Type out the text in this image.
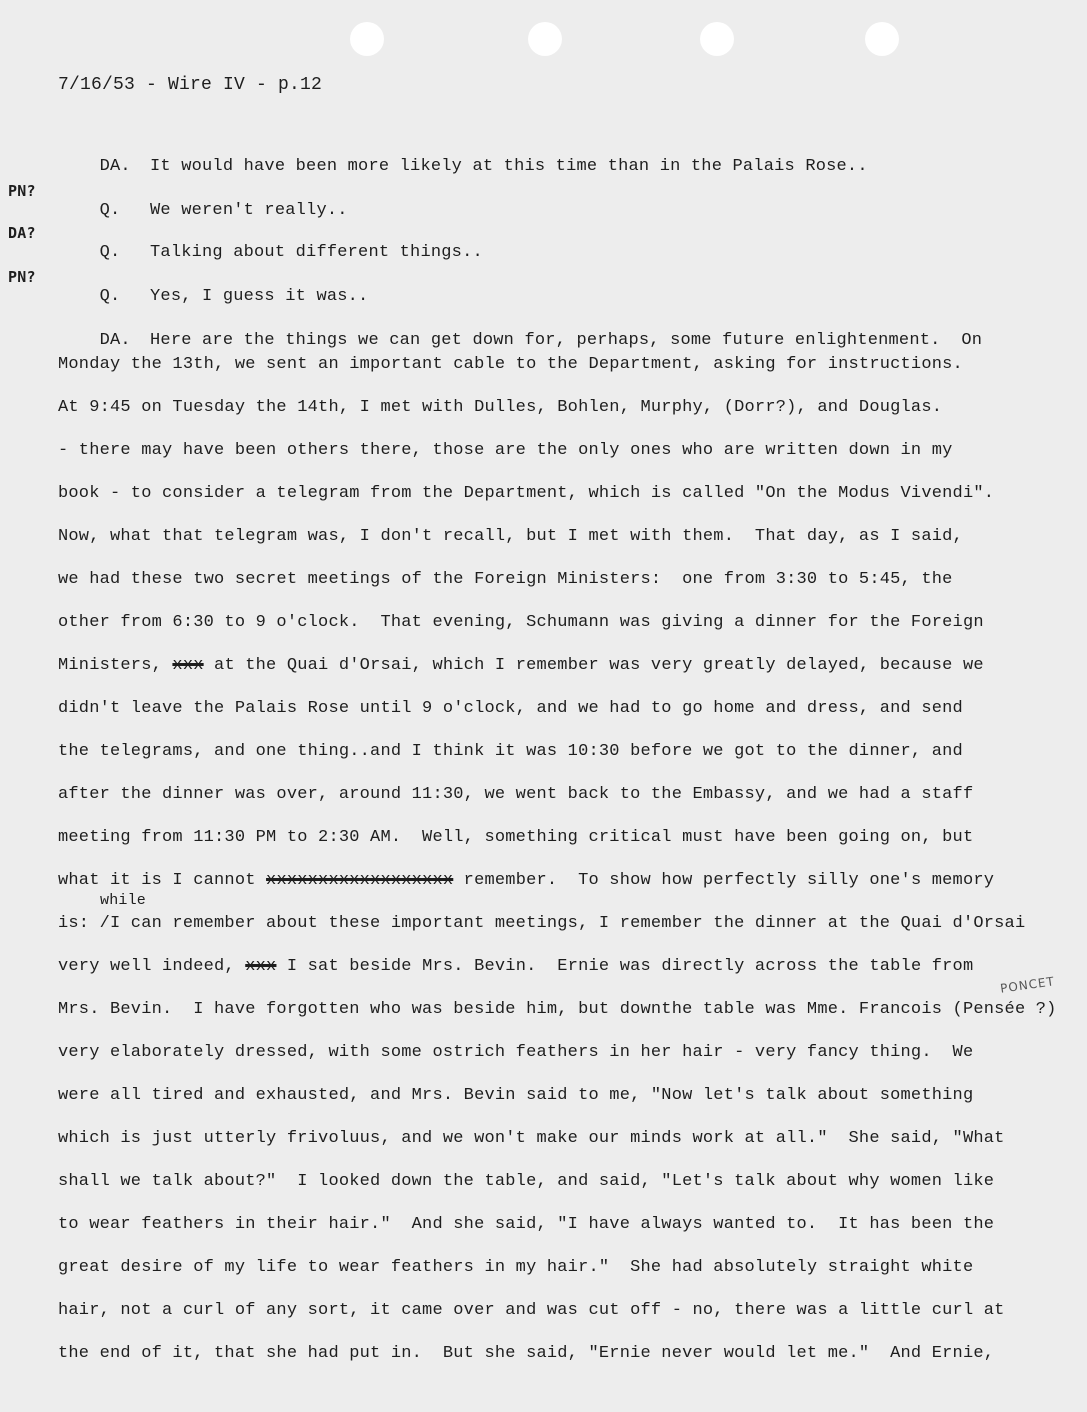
7/16/53 - Wire IV - p.12
PN?
DA?
PN?

DA. It would have been more likely at this time than in the Palais Rose..

Q. We weren't really..

Q. Talking about different things..

Q. Yes, I guess it was..

DA. Here are the things we can get down for, perhaps, some future enlightenment.  On

Monday the 13th, we sent an important cable to the Department, asking for instructions.
At 9:45 on Tuesday the 14th, I met with Dulles, Bohlen, Murphy, (Dorr?), and Douglas.
- there may have been others there, those are the only ones who are written down in my
book - to consider a telegram from the Department, which is called "On the Modus Vivendi".
Now, what that telegram was, I don't recall, but I met with them.  That day, as I said,
we had these two secret meetings of the Foreign Ministers:  one from 3:30 to 5:45, the
other from 6:30 to 9 o'clock.  That evening, Schumann was giving a dinner for the Foreign
Ministers, xxx at the Quai d'Orsai, which I remember was very greatly delayed, because we
didn't leave the Palais Rose until 9 o'clock, and we had to go home and dress, and send
the telegrams, and one thing..and I think it was 10:30 before we got to the dinner, and
after the dinner was over, around 11:30, we went back to the Embassy, and we had a staff
meeting from 11:30 PM to 2:30 AM.  Well, something critical must have been going on, but
what it is I cannot xxxxxxxxxxxxxxxxxx remember.  To show how perfectly silly one's memory
while
is: /I can remember about these important meetings, I remember the dinner at the Quai d'Orsai
very well indeed, xxx I sat beside Mrs. Bevin.  Ernie was directly across the table from
PONCET
Mrs. Bevin.  I have forgotten who was beside him, but downthe table was Mme. Francois (Pensée ?)
very elaborately dressed, with some ostrich feathers in her hair - very fancy thing.  We
were all tired and exhausted, and Mrs. Bevin said to me, "Now let's talk about something
which is just utterly frivoluus, and we won't make our minds work at all."  She said, "What
shall we talk about?"  I looked down the table, and said, "Let's talk about why women like
to wear feathers in their hair."  And she said, "I have always wanted to.  It has been the
great desire of my life to wear feathers in my hair."  She had absolutely straight white
hair, not a curl of any sort, it came over and was cut off - no, there was a little curl at
the end of it, that she had put in.  But she said, "Ernie never would let me."  And Ernie,
